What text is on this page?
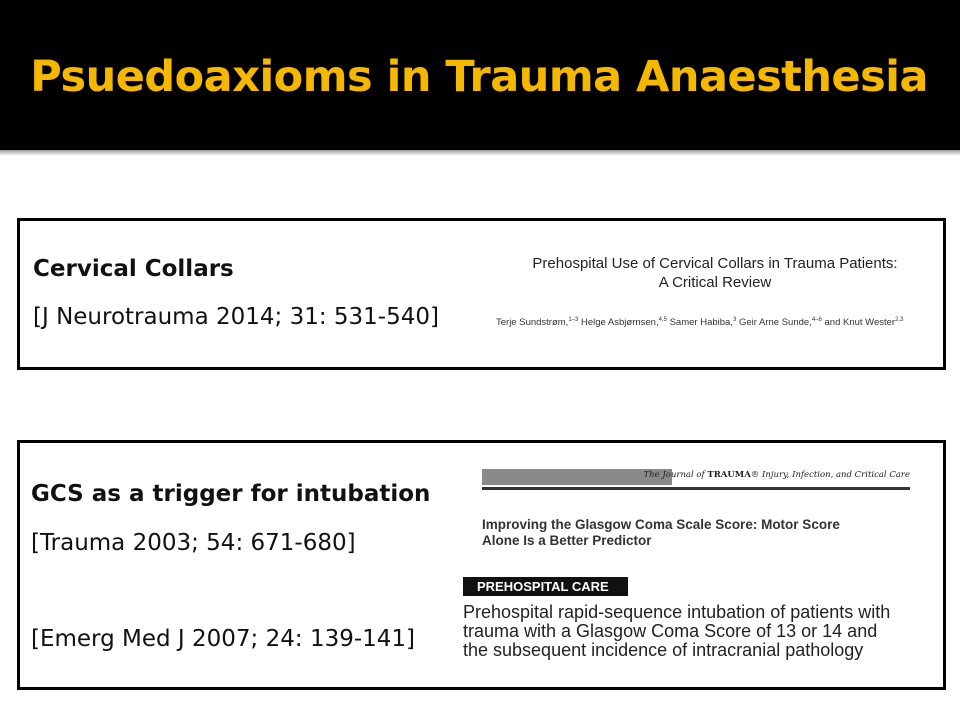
Psuedoaxioms in Trauma Anaesthesia
Cervical Collars
[J Neurotrauma 2014; 31: 531-540]
Prehospital Use of Cervical Collars in Trauma Patients:
A Critical Review
Terje Sundstrøm,$^{1-3}$ Helge Asbjørnsen,$^{4,5}$ Samer Habiba,$^3$ Geir Arne Sunde,$^{4-6}$ and Knut Wester$^{2,3}$
GCS as a trigger for intubation
[Trauma 2003; 54: 671-680]
[Emerg Med J 2007; 24: 139-141]
The Journal of TRAUMA® Injury, Infection, and Critical Care
Improving the Glasgow Coma Scale Score: Motor Score
Alone Is a Better Predictor
PREHOSPITAL CARE
Prehospital rapid-sequence intubation of patients with
trauma with a Glasgow Coma Score of 13 or 14 and
the subsequent incidence of intracranial pathology
